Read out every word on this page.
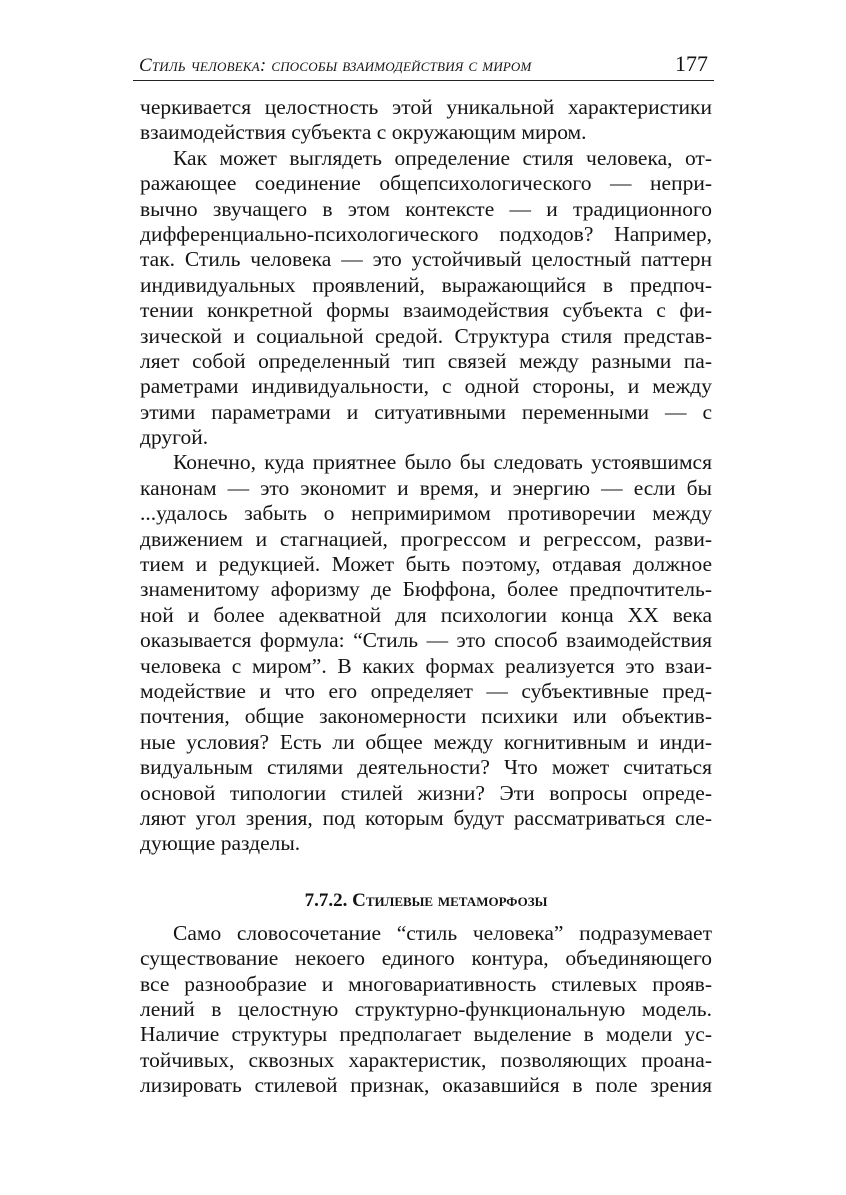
Стиль человека: способы взаимодействия с миром	177
черкивается целостность этой уникальной характеристики
взаимодействия субъекта с окружающим миром.
Как может выглядеть определение стиля человека, от-
ражающее соединение общепсихологического — непри-
вычно звучащего в этом контексте — и традиционного
дифференциально-психологического подходов? Например,
так. Стиль человека — это устойчивый целостный паттерн
индивидуальных проявлений, выражающийся в предпоч-
тении конкретной формы взаимодействия субъекта с фи-
зической и социальной средой. Структура стиля представ-
ляет собой определенный тип связей между разными па-
раметрами индивидуальности, с одной стороны, и между
этими параметрами и ситуативными переменными — с
другой.
Конечно, куда приятнее было бы следовать устоявшимся
канонам — это экономит и время, и энергию — если бы
...удалось забыть о непримиримом противоречии между
движением и стагнацией, прогрессом и регрессом, разви-
тием и редукцией. Может быть поэтому, отдавая должное
знаменитому афоризму де Бюффона, более предпочтитель-
ной и более адекватной для психологии конца XX века
оказывается формула: “Стиль — это способ взаимодействия
человека с миром”. В каких формах реализуется это взаи-
модействие и что его определяет — субъективные пред-
почтения, общие закономерности психики или объектив-
ные условия? Есть ли общее между когнитивным и инди-
видуальным стилями деятельности? Что может считаться
основой типологии стилей жизни? Эти вопросы опреде-
ляют угол зрения, под которым будут рассматриваться сле-
дующие разделы.
7.7.2. Стилевые метаморфозы
Само словосочетание “стиль человека” подразумевает
существование некоего единого контура, объединяющего
все разнообразие и многовариативность стилевых прояв-
лений в целостную структурно-функциональную модель.
Наличие структуры предполагает выделение в модели ус-
тойчивых, сквозных характеристик, позволяющих проана-
лизировать стилевой признак, оказавшийся в поле зрения
